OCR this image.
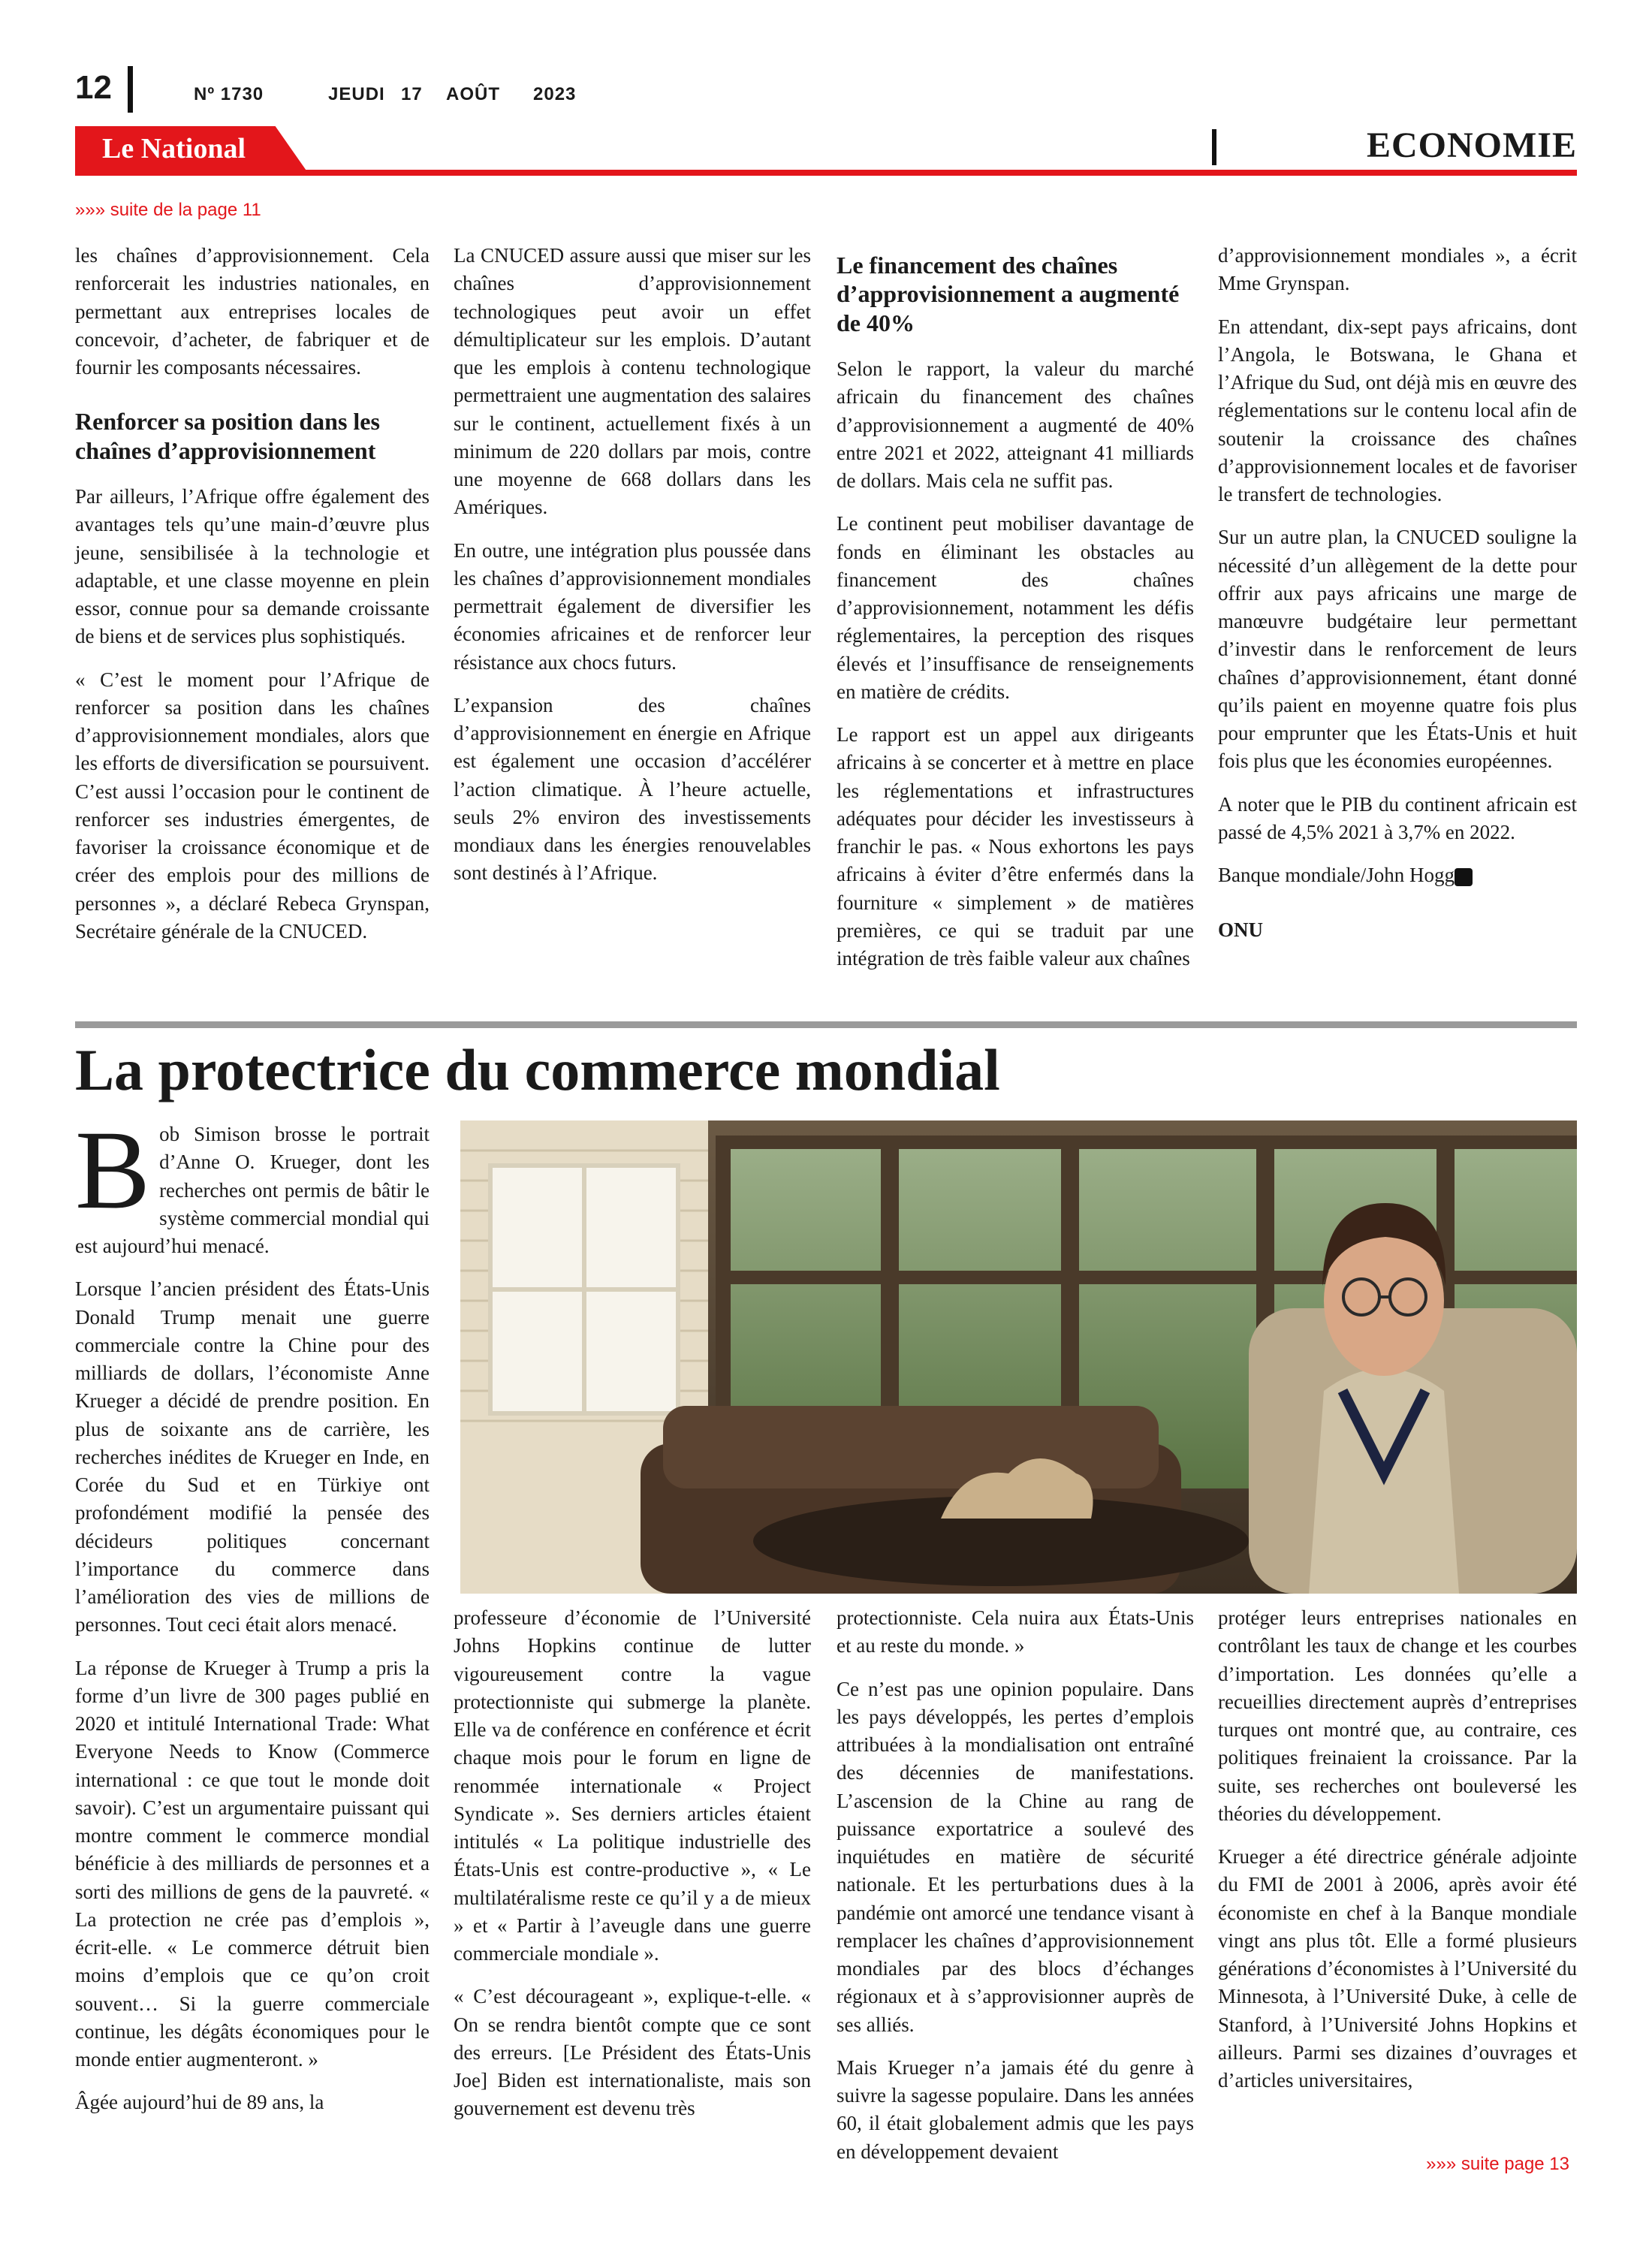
12	Nº 1730	JEUDI 17 AOÛT 2023
Le National	ECONOMIE
»»» suite de la page 11

les chaînes d’approvisionnement. Cela renforcerait les industries nationales, en permettant aux entreprises locales de concevoir, d’acheter, de fabriquer et de fournir les composants nécessaires.

Renforcer sa position dans les chaînes d’approvisionnement

Par ailleurs, l’Afrique offre également des avantages tels qu’une main-d’œuvre plus jeune, sensibilisée à la technologie et adaptable, et une classe moyenne en plein essor, connue pour sa demande croissante de biens et de services plus sophistiqués.

« C’est le moment pour l’Afrique de renforcer sa position dans les chaînes d’approvisionnement mondiales, alors que les efforts de diversification se poursuivent. C’est aussi l’occasion pour le continent de renforcer ses industries émergentes, de favoriser la croissance économique et de créer des emplois pour des millions de personnes », a déclaré Rebeca Grynspan, Secrétaire générale de la CNUCED.

La CNUCED assure aussi que miser sur les chaînes d’approvisionnement technologiques peut avoir un effet démultiplicateur sur les emplois. D’autant que les emplois à contenu technologique permettraient une augmentation des salaires sur le continent, actuellement fixés à un minimum de 220 dollars par mois, contre une moyenne de 668 dollars dans les Amériques.

En outre, une intégration plus poussée dans les chaînes d’approvisionnement mondiales permettrait également de diversifier les économies africaines et de renforcer leur résistance aux chocs futurs.

L’expansion des chaînes d’approvisionnement en énergie en Afrique est également une occasion d’accélérer l’action climatique. À l’heure actuelle, seuls 2% environ des investissements mondiaux dans les énergies renouvelables sont destinés à l’Afrique.

Le financement des chaînes d’approvisionnement a augmenté de 40%

Selon le rapport, la valeur du marché africain du financement des chaînes d’approvisionnement a augmenté de 40% entre 2021 et 2022, atteignant 41 milliards de dollars. Mais cela ne suffit pas.

Le continent peut mobiliser davantage de fonds en éliminant les obstacles au financement des chaînes d’approvisionnement, notamment les défis réglementaires, la perception des risques élevés et l’insuffisance de renseignements en matière de crédits.

Le rapport est un appel aux dirigeants africains à se concerter et à mettre en place les réglementations et infrastructures adéquates pour décider les investisseurs à franchir le pas. « Nous exhortons les pays africains à éviter d’être enfermés dans la fourniture « simplement » de matières premières, ce qui se traduit par une intégration de très faible valeur aux chaînes

d’approvisionnement mondiales », a écrit Mme Grynspan.

En attendant, dix-sept pays africains, dont l’Angola, le Botswana, le Ghana et l’Afrique du Sud, ont déjà mis en œuvre des réglementations sur le contenu local afin de soutenir la croissance des chaînes d’approvisionnement locales et de favoriser le transfert de technologies.

Sur un autre plan, la CNUCED souligne la nécessité d’un allègement de la dette pour offrir aux pays africains une marge de manœuvre budgétaire leur permettant d’investir dans le renforcement de leurs chaînes d’approvisionnement, étant donné qu’ils paient en moyenne quatre fois plus pour emprunter que les États-Unis et huit fois plus que les économies européennes.

A noter que le PIB du continent africain est passé de 4,5% 2021 à 3,7% en 2022.

Banque mondiale/John Hogg

ONU

La protectrice du commerce mondial

Bob Simison brosse le portrait d’Anne O. Krueger, dont les recherches ont permis de bâtir le système commercial mondial qui est aujourd’hui menacé.

Lorsque l’ancien président des États-Unis Donald Trump menait une guerre commerciale contre la Chine pour des milliards de dollars, l’économiste Anne Krueger a décidé de prendre position. En plus de soixante ans de carrière, les recherches inédites de Krueger en Inde, en Corée du Sud et en Türkiye ont profondément modifié la pensée des décideurs politiques concernant l’importance du commerce dans l’amélioration des vies de millions de personnes. Tout ceci était alors menacé.

La réponse de Krueger à Trump a pris la forme d’un livre de 300 pages publié en 2020 et intitulé International Trade: What Everyone Needs to Know (Commerce international : ce que tout le monde doit savoir). C’est un argumentaire puissant qui montre comment le commerce mondial bénéficie à des milliards de personnes et a sorti des millions de gens de la pauvreté. « La protection ne crée pas d’emplois », écrit-elle. « Le commerce détruit bien moins d’emplois que ce qu’on croit souvent… Si la guerre commerciale continue, les dégâts économiques pour le monde entier augmenteront. »

Âgée aujourd’hui de 89 ans, la

professeure d’économie de l’Université Johns Hopkins continue de lutter vigoureusement contre la vague protectionniste qui submerge la planète. Elle va de conférence en conférence et écrit chaque mois pour le forum en ligne de renommée internationale « Project Syndicate ». Ses derniers articles étaient intitulés « La politique industrielle des États-Unis est contre-productive », « Le multilatéralisme reste ce qu’il y a de mieux » et « Partir à l’aveugle dans une guerre commerciale mondiale ».

« C’est décourageant », explique-t-elle. « On se rendra bientôt compte que ce sont des erreurs. [Le Président des États-Unis Joe] Biden est internationaliste, mais son gouvernement est devenu très

protectionniste. Cela nuira aux États-Unis et au reste du monde. »

Ce n’est pas une opinion populaire. Dans les pays développés, les pertes d’emplois attribuées à la mondialisation ont entraîné des décennies de manifestations. L’ascension de la Chine au rang de puissance exportatrice a soulevé des inquiétudes en matière de sécurité nationale. Et les perturbations dues à la pandémie ont amorcé une tendance visant à remplacer les chaînes d’approvisionnement mondiales par des blocs d’échanges régionaux et à s’approvisionner auprès de ses alliés.

Mais Krueger n’a jamais été du genre à suivre la sagesse populaire. Dans les années 60, il était globalement admis que les pays en développement devaient

protéger leurs entreprises nationales en contrôlant les taux de change et les courbes d’importation. Les données qu’elle a recueillies directement auprès d’entreprises turques ont montré que, au contraire, ces politiques freinaient la croissance. Par la suite, ses recherches ont bouleversé les théories du développement.

Krueger a été directrice générale adjointe du FMI de 2001 à 2006, après avoir été économiste en chef à la Banque mondiale vingt ans plus tôt. Elle a formé plusieurs générations d’économistes à l’Université du Minnesota, à l’Université Duke, à celle de Stanford, à l’Université Johns Hopkins et ailleurs. Parmi ses dizaines d’ouvrages et d’articles universitaires,

»»» suite page 13
